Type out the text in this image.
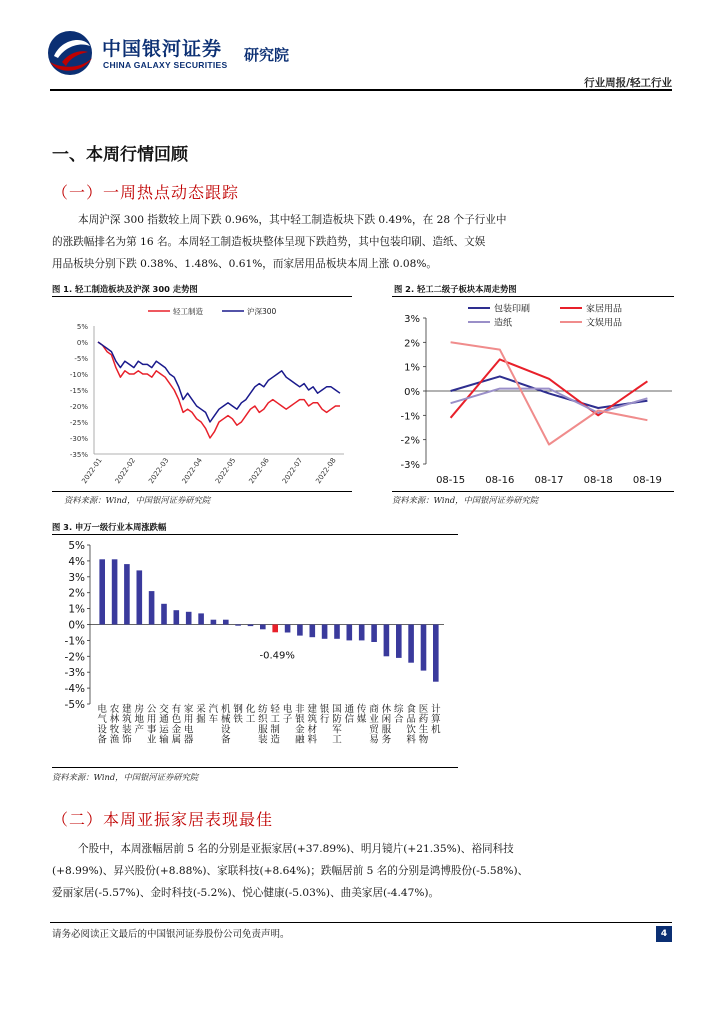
中国银河证券
CHINA GALAXY SECURITIES
研究院
行业周报/轻工行业
一、本周行情回顾
（一）一周热点动态跟踪
本周沪深 300 指数较上周下跌 0.96%，其中轻工制造板块下跌 0.49%，在 28 个子行业中
的涨跌幅排名为第 16 名。本周轻工制造板块整体呈现下跌趋势，其中包装印刷、造纸、文娱
用品板块分别下跌 0.38%、1.48%、0.61%，而家居用品板块本周上涨 0.08%。
图 1. 轻工制造板块及沪深 300 走势图
5%
0%
-5%
-10%
-15%
-20%
-25%
-30%
-35%
轻工制造	沪深300
2022-01 2022-02 2022-03 2022-04 2022-05 2022-06 2022-07 2022-08
资料来源：Wind，中国银河证券研究院
图 2. 轻工二级子板块本周走势图
3%
2%
1%
0%
-1%
-2%
-3%
08-15 08-16 08-17 08-18 08-19
包装印刷	家居用品
造纸	文娱用品
资料来源：Wind，中国银河证券研究院
图 3. 申万一级行业本周涨跌幅
5%
4%
3%
2%
1%
0%
-1%
-2%
-3%
-4%
-5% 电
气
设
备
农
林
牧
渔
建
筑
装
饰
房
地
产
公
用
事
业
交
通
运
输
有
色
金
属
家
用
电
器
采
掘
汽
车
机
械
设
备
钢
铁
化
工
纺
织
服
装
轻
工
制
造
-0.49%
电
子
非
银
金
融
建
筑
材
料
银
行
国
防
军
工
通
信
传
媒
商
业
贸
易
休
闲
服
务
综
合
食
品
饮
料
医
药
生
物
计
算
机
资料来源：Wind，中国银河证券研究院
（二）本周亚振家居表现最佳
个股中，本周涨幅居前 5 名的分别是亚振家居(+37.89%)、明月镜片(+21.35%)、裕同科技
(+8.99%)、昇兴股份(+8.88%)、家联科技(+8.64%)；跌幅居前 5 名的分别是鸿博股份(-5.58%)、
爱丽家居(-5.57%)、金时科技(-5.2%)、悦心健康(-5.03%)、曲美家居(-4.47%)。
请务必阅读正文最后的中国银河证券股份公司免责声明。	4
